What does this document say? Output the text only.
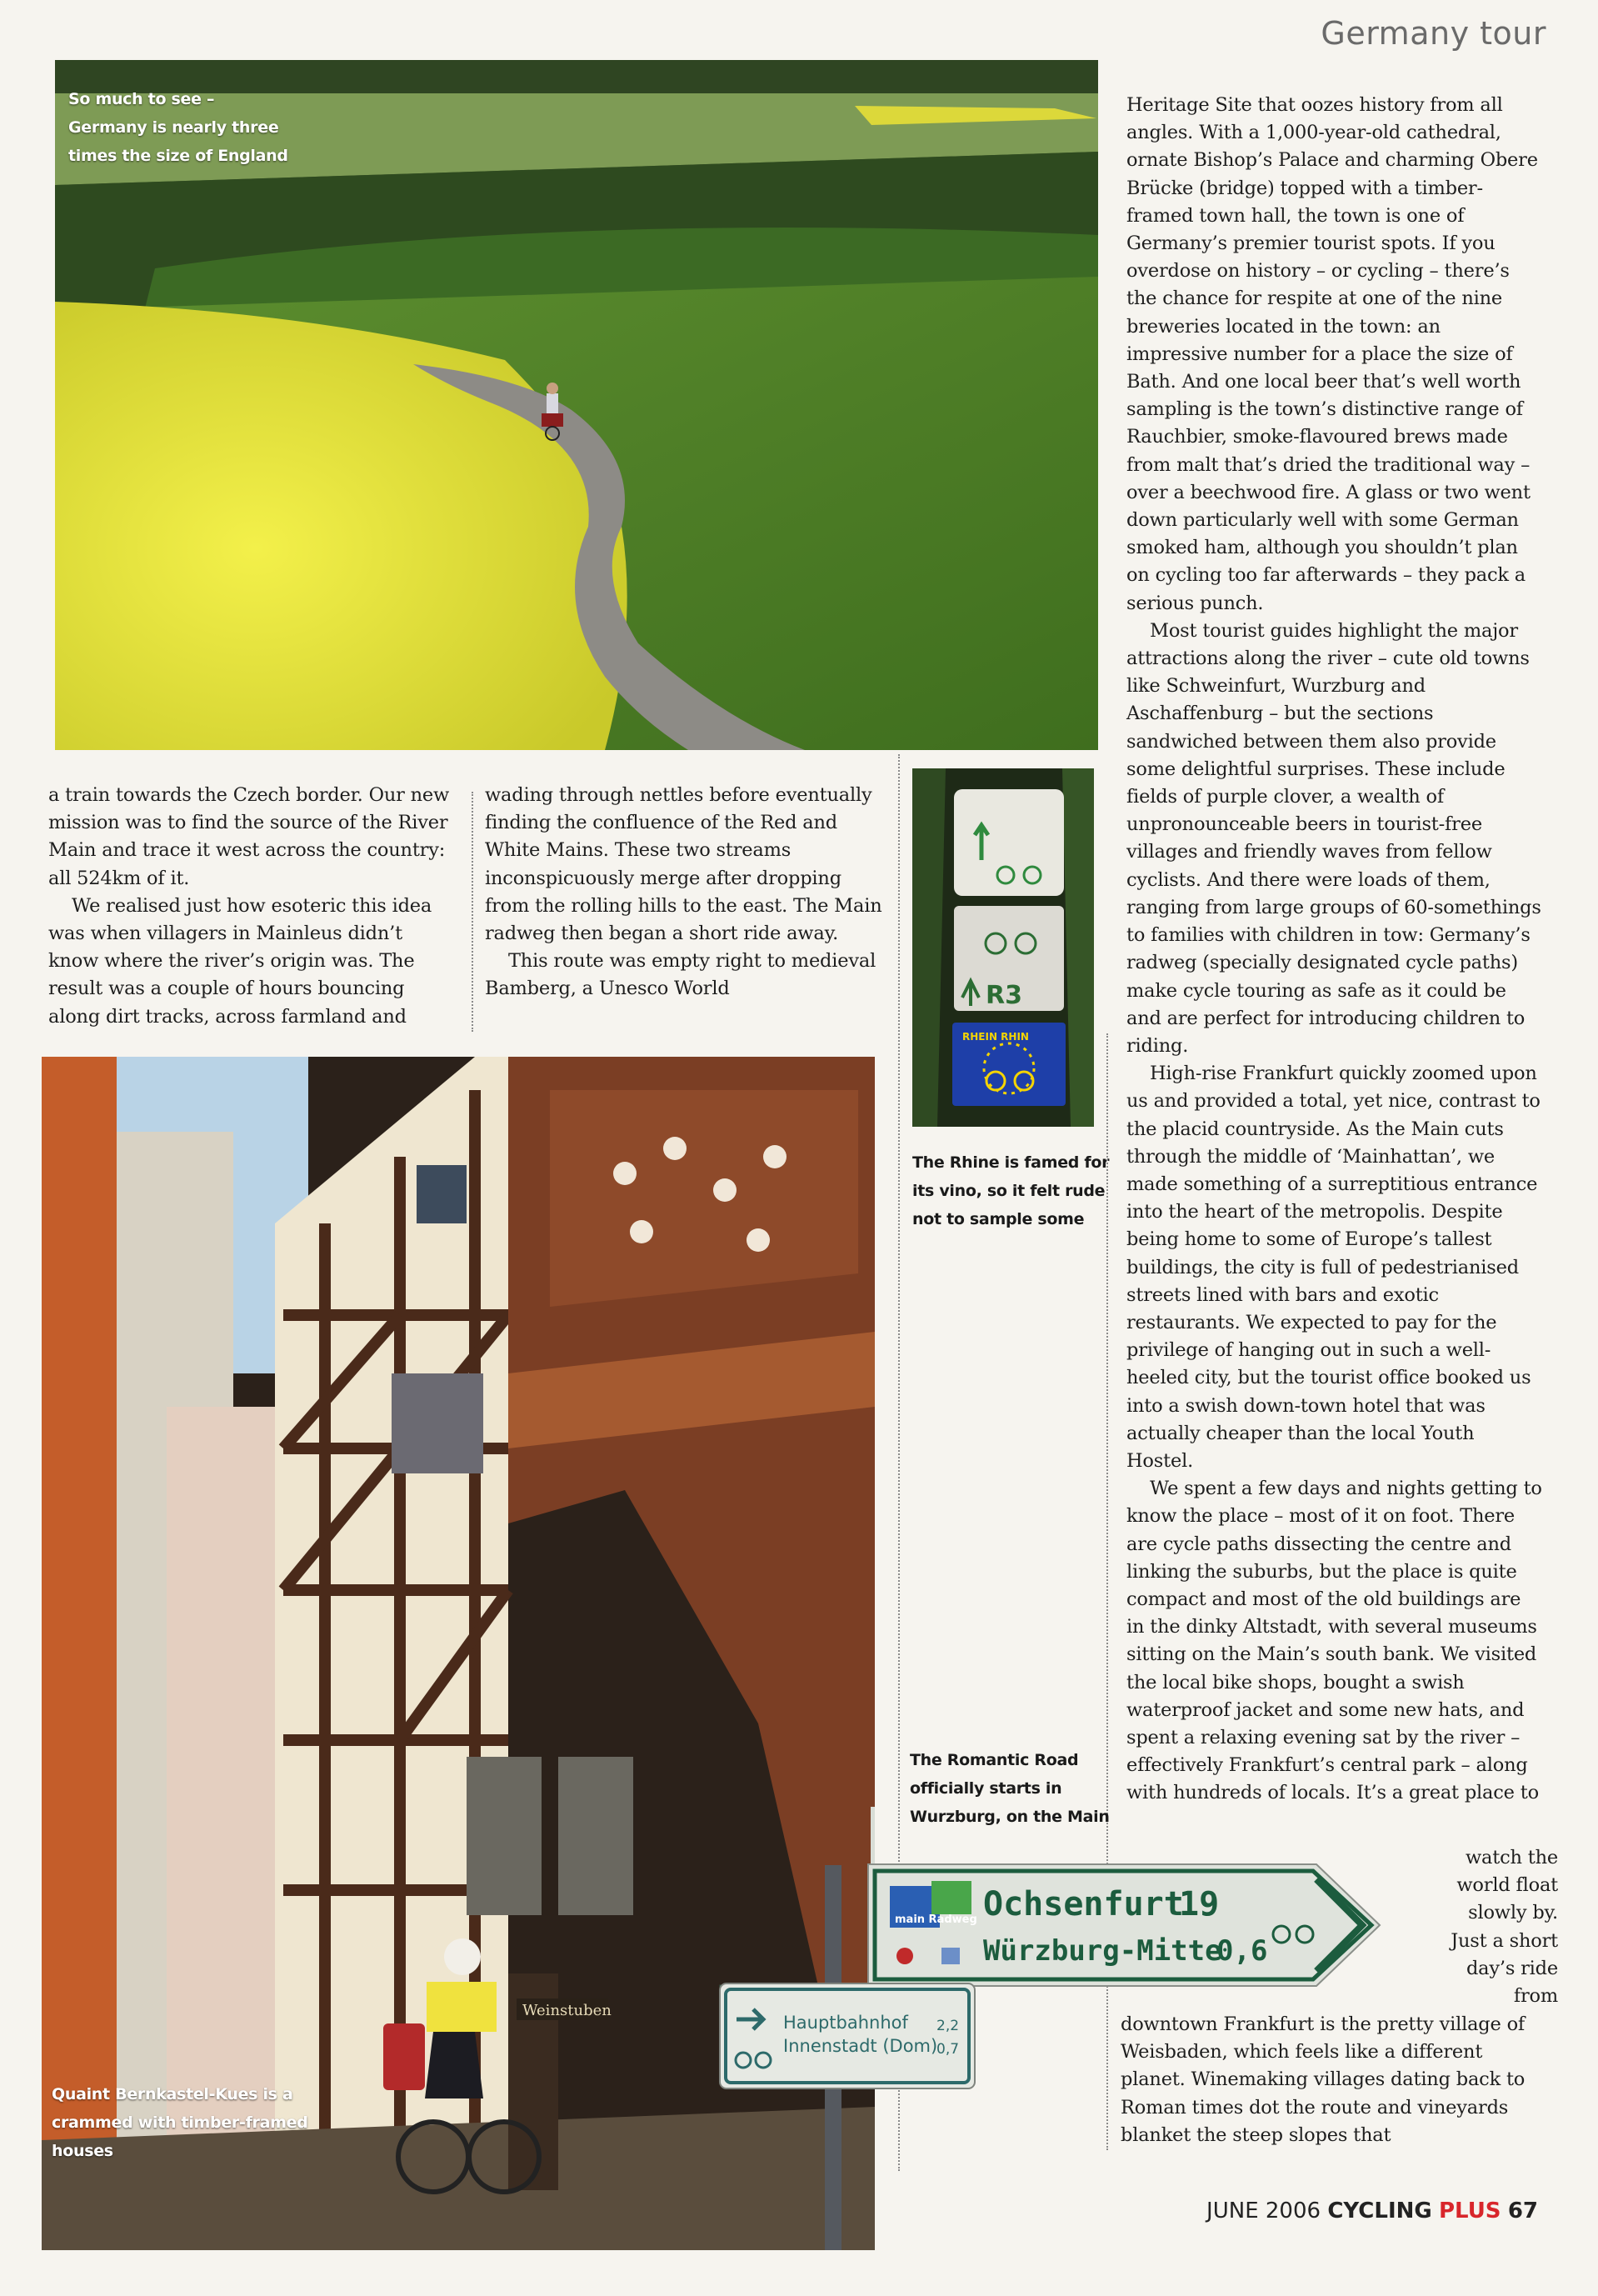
Germany tour
So much to see – Germany is nearly three times the size of England

a train towards the Czech border. Our new mission was to find the source of the River Main and trace it west across the country: all 524km of it.

We realised just how esoteric this idea was when villagers in Mainleus didn’t know where the river’s origin was. The result was a couple of hours bouncing along dirt tracks, across farmland and

wading through nettles before eventually finding the confluence of the Red and White Mains. These two streams inconspicuously merge after dropping from the rolling hills to the east. The Main radweg then began a short ride away.

This route was empty right to medieval Bamberg, a Unesco World	R3
RHEIN RHIN
The Rhine is famed for its vino, so it felt rude not to sample some

Heritage Site that oozes history from all angles. With a 1,000-year-old cathedral, ornate Bishop’s Palace and charming Obere Brücke (bridge) topped with a timber-framed town hall, the town is one of Germany’s premier tourist spots. If you overdose on history – or cycling – there’s the chance for respite at one of the nine breweries located in the town: an impressive number for a place the size of Bath. And one local beer that’s well worth sampling is the town’s distinctive range of Rauchbier, smoke-flavoured brews made from malt that’s dried the traditional way – over a beechwood fire. A glass or two went down particularly well with some German smoked ham, although you shouldn’t plan on cycling too far afterwards – they pack a serious punch.

Most tourist guides highlight the major attractions along the river – cute old towns like Schweinfurt, Wurzburg and Aschaffenburg – but the sections sandwiched between them also provide some delightful surprises. These include fields of purple clover, a wealth of unpronounceable beers in tourist-free villages and friendly waves from fellow cyclists. And there were loads of them, ranging from large groups of 60-somethings to families with children in tow: Germany’s radweg (specially designated cycle paths) make cycle touring as safe as it could be and are perfect for introducing children to riding.

High-rise Frankfurt quickly zoomed upon us and provided a total, yet nice, contrast to the placid countryside. As the Main cuts through the middle of ‘Mainhattan’, we made something of a surreptitious entrance into the heart of the metropolis. Despite being home to some of Europe’s tallest buildings, the city is full of pedestrianised streets lined with bars and exotic restaurants. We expected to pay for the privilege of hanging out in such a well-heeled city, but the tourist office booked us into a swish down-town hotel that was actually cheaper than the local Youth Hostel.

We spent a few days and nights getting to know the place – most of it on foot. There are cycle paths dissecting the centre and linking the suburbs, but the place is quite compact and most of the old buildings are in the dinky Altstadt, with several museums sitting on the Main’s south bank. We visited the local bike shops, bought a swish waterproof jacket and some new hats, and spent a relaxing evening sat by the river – effectively Frankfurt’s central park – along with hundreds of locals. It’s a great place to

watch the

world float

slowly by.

Just a short

day’s ride

from

downtown Frankfurt is the pretty village of Weisbaden, which feels like a different planet. Winemaking villages dating back to Roman times dot the route and vineyards blanket the steep slopes that

Weinstuben
Quaint Bernkastel-Kues is a crammed with timber-framed houses
The Romantic Road officially starts in Wurzburg, on the Main
main Radweg Ochsenfurt
19
Würzburg-Mitte
0,6
Hauptbahnhof 2,2
Innenstadt (Dom)
0,7
JUNE 2006 CYCLING PLUS 67
